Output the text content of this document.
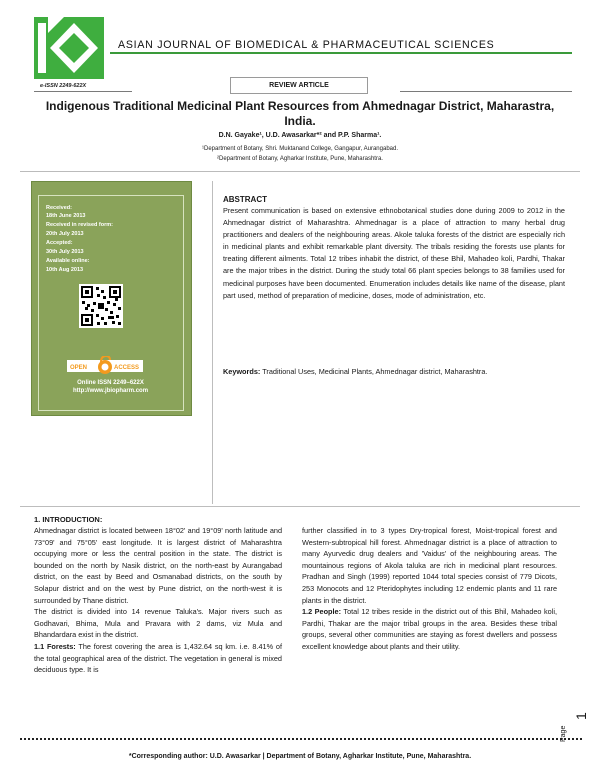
ASIAN JOURNAL OF BIOMEDICAL & PHARMACEUTICAL SCIENCES
e-ISSN 2249-622X	REVIEW ARTICLE
Indigenous Traditional Medicinal Plant Resources from Ahmednagar District, Maharastra, India.
D.N. Gayake¹, U.D. Awasarkar*² and P.P. Sharma¹.
¹Department of Botany, Shri. Muktanand College, Gangapur, Aurangabad.
²Department of Botany, Agharkar Institute, Pune, Maharashtra.
Received:
18th June 2013
Received in revised form:
20th July 2013
Accepted:
30th July 2013
Available online:
10th Aug 2013
OPEN	ACCESS
Online ISSN 2249–622X
http://www.jbiopharm.com
ABSTRACT
Present communication is based on extensive ethnobotanical studies done during 2009 to 2012 in the Ahmednagar district of Maharashtra. Ahmednagar is a place of attraction to many herbal drug practitioners and dealers of the neighbouring areas. Akole taluka forests of the district are especially rich in medicinal plants and exhibit remarkable plant diversity. The tribals residing the forests use plants for treating different ailments. Total 12 tribes inhabit the district, of these Bhil, Mahadeo koli, Pardhi, Thakar are the major tribes in the district. During the study total 66 plant species belongs to 38 families used for medicinal purposes have been documented. Enumeration includes details like name of the disease, plant part used, method of preparation of medicine, doses, mode of administration, etc.
Keywords: Traditional Uses, Medicinal Plants, Ahmednagar district, Maharashtra.
1. INTRODUCTION:

Ahmednagar district is located between 18°02' and 19°09' north latitude and 73°09' and 75°05' east longitude. It is largest district of Maharashtra occupying more or less the central position in the state. The district is bounded on the north by Nasik district, on the north-east by Aurangabad district, on the east by Beed and Osmanabad districts, on the south by Solapur district and on the west by Pune district, on the north-west it is surrounded by Thane district.

The district is divided into 14 revenue Taluka's. Major rivers such as Godhavari, Bhima, Mula and Pravara with 2 dams, viz Mula and Bhandardara exist in the district.

1.1 Forests: The forest covering the area is 1,432.64 sq km. i.e. 8.41% of the total geographical area of the district. The vegetation in general is mixed deciduous type. It is

further classified in to 3 types Dry-tropical forest, Moist-tropical forest and Western-subtropical hill forest. Ahmednagar district is a place of attraction to many Ayurvedic drug dealers and 'Vaidus' of the neighbouring areas. The mountainous regions of Akola taluka are rich in medicinal plant resources. Pradhan and Singh (1999) reported 1044 total species consist of 779 Dicots, 253 Monocots and 12 Pteridophytes including 12 endemic plants and 11 rare plants in the district.

1.2 People: Total 12 tribes reside in the district out of this Bhil, Mahadeo koli, Pardhi, Thakar are the major tribal groups in the area. Besides these tribal groups, several other communities are staying as forest dwellers and possess excellent knowledge about plants and their utility.

Page
1
*Corresponding author: U.D. Awasarkar | Department of Botany, Agharkar Institute, Pune, Maharashtra.
